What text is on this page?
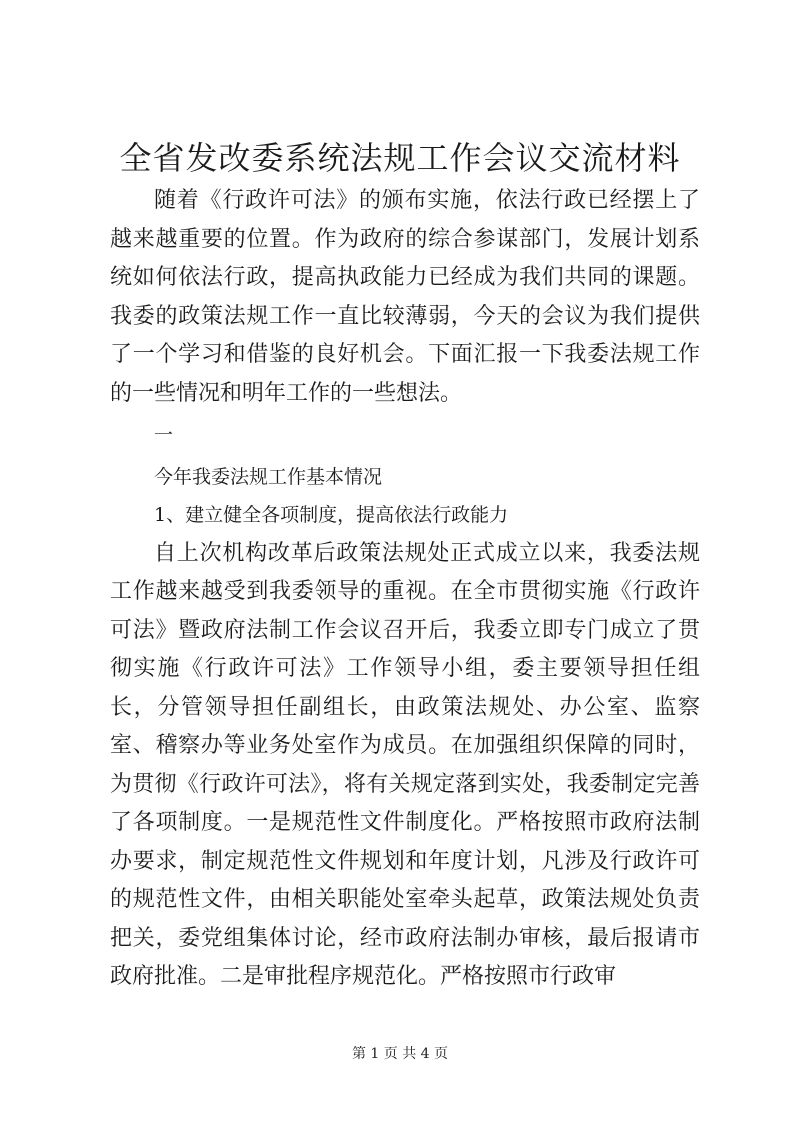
全省发改委系统法规工作会议交流材料

随着《行政许可法》的颁布实施，依法行政已经摆上了越来越重要的位置。作为政府的综合参谋部门，发展计划系统如何依法行政，提高执政能力已经成为我们共同的课题。我委的政策法规工作一直比较薄弱，今天的会议为我们提供了一个学习和借鉴的良好机会。下面汇报一下我委法规工作的一些情况和明年工作的一些想法。

一

今年我委法规工作基本情况

1、建立健全各项制度，提高依法行政能力

自上次机构改革后政策法规处正式成立以来，我委法规工作越来越受到我委领导的重视。在全市贯彻实施《行政许可法》暨政府法制工作会议召开后，我委立即专门成立了贯彻实施《行政许可法》工作领导小组，委主要领导担任组长，分管领导担任副组长，由政策法规处、办公室、监察室、稽察办等业务处室作为成员。在加强组织保障的同时，为贯彻《行政许可法》，将有关规定落到实处，我委制定完善了各项制度。一是规范性文件制度化。严格按照市政府法制办要求，制定规范性文件规划和年度计划，凡涉及行政许可的规范性文件，由相关职能处室牵头起草，政策法规处负责把关，委党组集体讨论，经市政府法制办审核，最后报请市政府批准。二是审批程序规范化。严格按照市行政审

第 1 页 共 4 页
